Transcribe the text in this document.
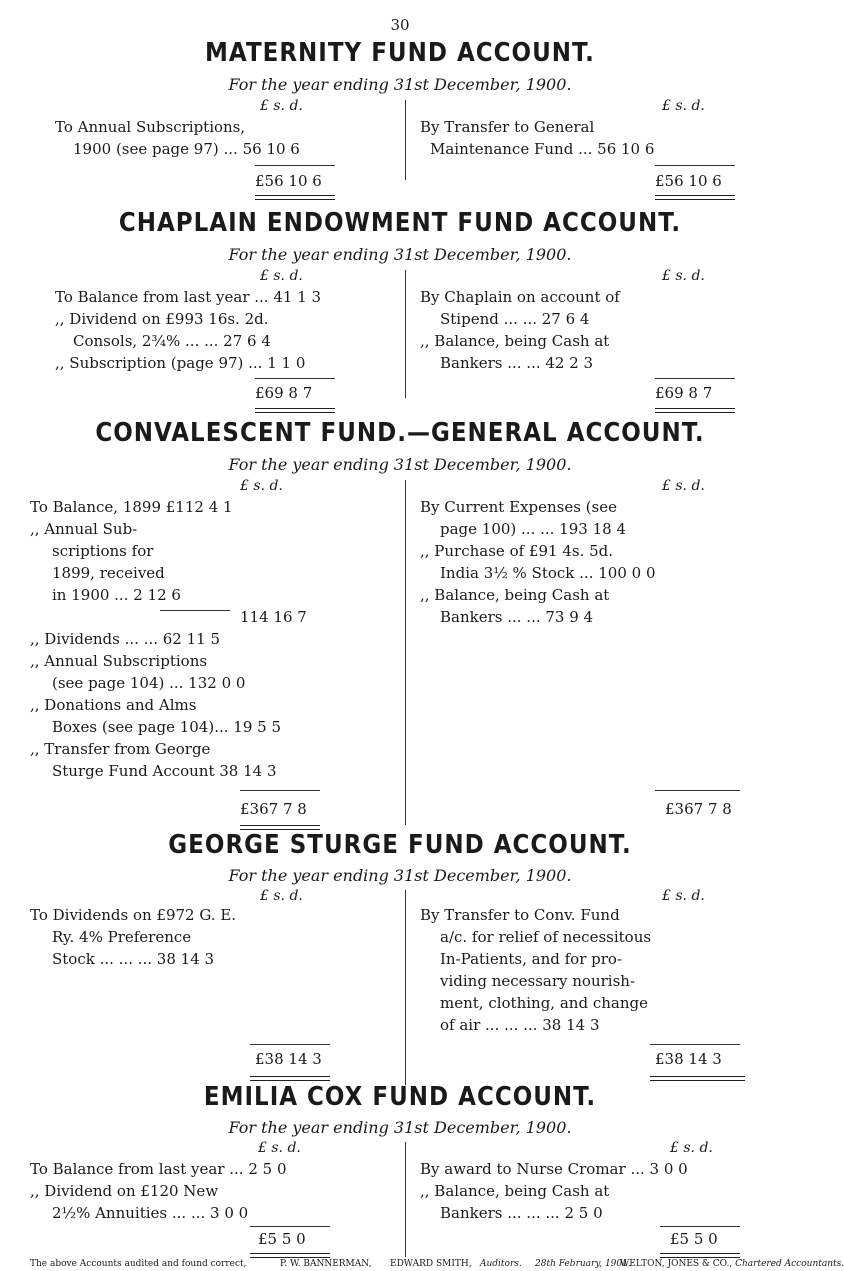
30
MATERNITY FUND ACCOUNT.
For the year ending 31st December, 1900.
£ s. d.	£ s. d.
To Annual Subscriptions,
1900 (see page 97) ... 56 10 6
By Transfer to General
Maintenance Fund ... 56 10 6
£56 10 6	£56 10 6
CHAPLAIN ENDOWMENT FUND ACCOUNT.
For the year ending 31st December, 1900.
£ s. d.	£ s. d.
To Balance from last year ... 41 1 3
,, Dividend on £993 16s. 2d.
Consols, 2¾% ... ... 27 6 4
,, Subscription (page 97) ... 1 1 0
By Chaplain on account of
Stipend ... ... 27 6 4
,, Balance, being Cash at
Bankers ... ... 42 2 3
£69 8 7	£69 8 7
CONVALESCENT FUND.—GENERAL ACCOUNT.
For the year ending 31st December, 1900.
£ s. d.	£ s. d.
To Balance, 1899 £112 4 1
,, Annual Sub-
scriptions for
1899, received
in 1900 ... 2 12 6
114 16 7
,, Dividends ... ... 62 11 5
,, Annual Subscriptions
(see page 104) ... 132 0 0
,, Donations and Alms
Boxes (see page 104)... 19 5 5
,, Transfer from George
Sturge Fund Account 38 14 3
By Current Expenses (see
page 100) ... ... 193 18 4
,, Purchase of £91 4s. 5d.
India 3½ % Stock ... 100 0 0
,, Balance, being Cash at
Bankers ... ... 73 9 4
£367 7 8	£367 7 8
GEORGE STURGE FUND ACCOUNT.
For the year ending 31st December, 1900.
£ s. d.	£ s. d.
To Dividends on £972 G. E.
Ry. 4% Preference
Stock ... ... ... 38 14 3
By Transfer to Conv. Fund
a/c. for relief of necessitous
In-Patients, and for pro-
viding necessary nourish-
ment, clothing, and change
of air ... ... ... 38 14 3
£38 14 3	£38 14 3
EMILIA COX FUND ACCOUNT.
For the year ending 31st December, 1900.
£ s. d.	£ s. d.
To Balance from last year ... 2 5 0
,, Dividend on £120 New
2½% Annuities ... ... 3 0 0
By award to Nurse Cromar ... 3 0 0
,, Balance, being Cash at
Bankers ... ... ... 2 5 0
£5 5 0	£5 5 0
The above Accounts audited and found correct,	P. W. BANNERMAN, EDWARD SMITH, Auditors. 28th February, 1901.
WELTON, JONES & CO., Chartered Accountants.
